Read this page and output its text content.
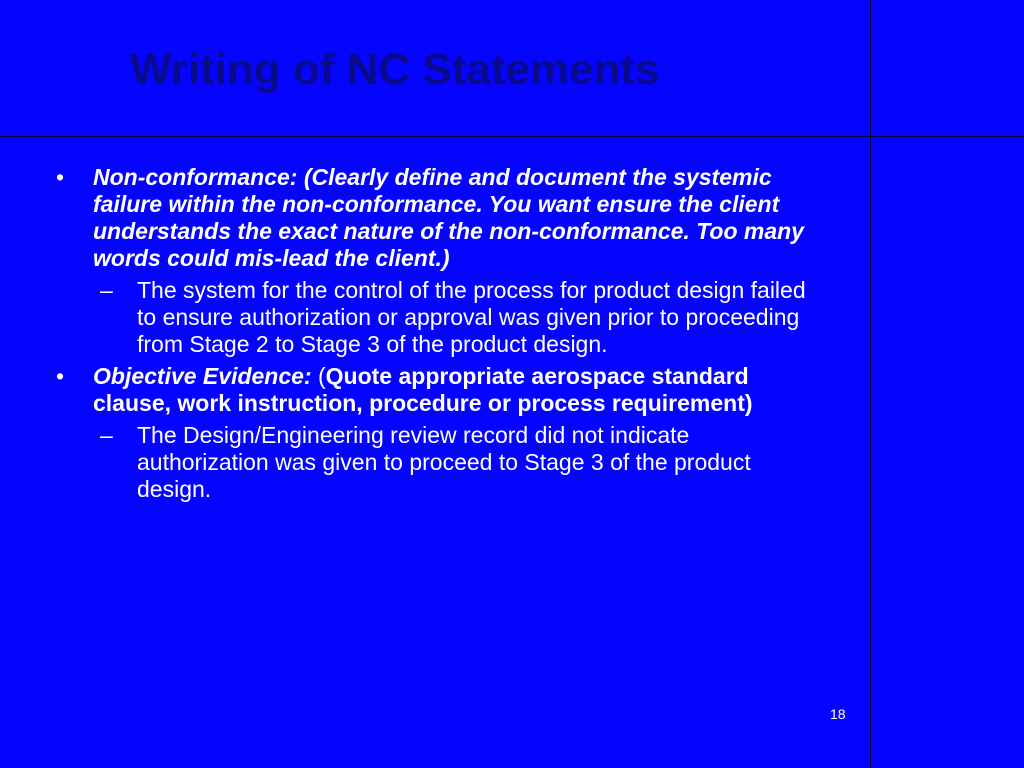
Writing of NC Statements
• Non-conformance: (Clearly define and document the systemic failure within the non-conformance. You want ensure the client understands the exact nature of the non-conformance. Too many words could mis-lead the client.)
– The system for the control of the process for product design failed to ensure authorization or approval was given prior to proceeding from Stage 2 to Stage 3 of the product design.
• Objective Evidence: (Quote appropriate aerospace standard clause, work instruction, procedure or process requirement)
– The Design/Engineering review record did not indicate authorization was given to proceed to Stage 3 of the product design.
18
